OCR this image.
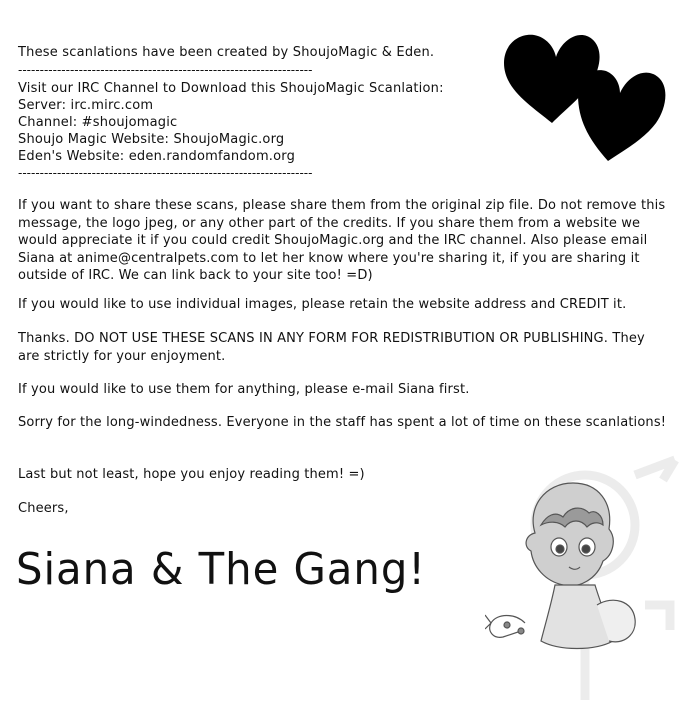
These scanlations have been created by ShoujoMagic & Eden.
--------------------------------------------------------------------
Visit our IRC Channel to Download this ShoujoMagic Scanlation:
Server: irc.mirc.com
Channel: #shoujomagic
Shoujo Magic Website: ShoujoMagic.org
Eden's Website: eden.randomfandom.org
--------------------------------------------------------------------
If you want to share these scans, please share them from the original zip file. Do not remove this message, the logo jpeg, or any other part of the credits. If you share them from a website we would appreciate it if you could credit ShoujoMagic.org and the IRC channel. Also please email Siana at anime@centralpets.com to let her know where you're sharing it, if you are sharing it outside of IRC. We can link back to your site too! =D)
If you would like to use individual images, please retain the website address and CREDIT it.
Thanks. DO NOT USE THESE SCANS IN ANY FORM FOR REDISTRIBUTION OR PUBLISHING. They are strictly for your enjoyment.
If you would like to use them for anything, please e-mail Siana first.
Sorry for the long-windedness. Everyone in the staff has spent a lot of time on these scanlations!
Last but not least, hope you enjoy reading them! =)
Cheers,
Siana & The Gang!
